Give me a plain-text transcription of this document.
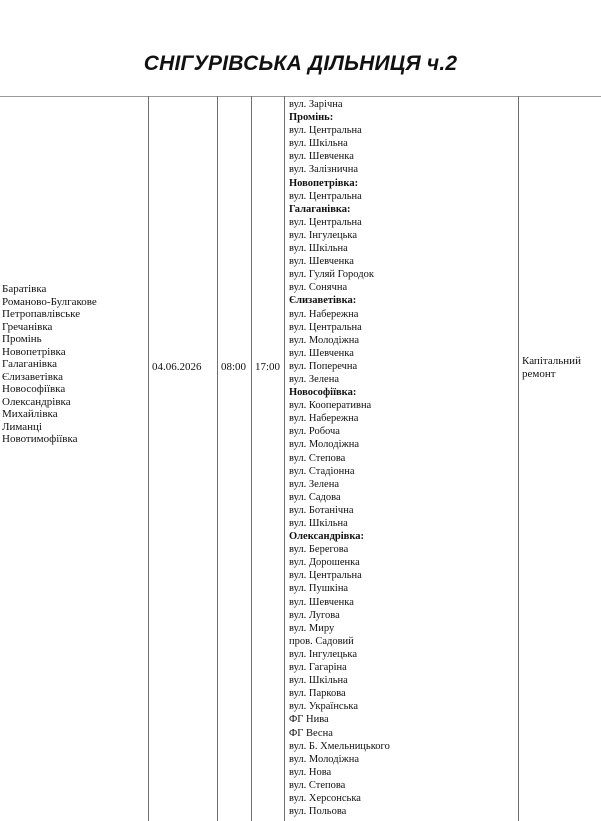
СНІГУРІВСЬКА ДІЛЬНИЦЯ ч.2
Баратівка
Романово-Булгакове
Петропавлівське
Гречанівка
Промінь
Новопетрівка
Галаганівка
Єлизаветівка
Новософіївка
Олександрівка
Михайлівка
Лиманці
Новотимофіївка
04.06.2026 08:00 17:00	Капітальний
ремонт
вул. Зарічна
Промінь:
вул. Центральна
вул. Шкільна
вул. Шевченка
вул. Залізнична
Новопетрівка:
вул. Центральна
Галаганівка:
вул. Центральна
вул. Інгулецька
вул. Шкільна
вул. Шевченка
вул. Гуляй Городок
вул. Сонячна
Єлизаветівка:
вул. Набережна
вул. Центральна
вул. Молодіжна
вул. Шевченка
вул. Поперечна
вул. Зелена
Новософіївка:
вул. Кооперативна
вул. Набережна
вул. Робоча
вул. Молодіжна
вул. Степова
вул. Стадіонна
вул. Зелена
вул. Садова
вул. Ботанічна
вул. Шкільна
Олександрівка:
вул. Берегова
вул. Дорошенка
вул. Центральна
вул. Пушкіна
вул. Шевченка
вул. Лугова
вул. Миру
пров. Садовий
вул. Інгулецька
вул. Гагаріна
вул. Шкільна
вул. Паркова
вул. Українська
ФГ Нива
ФГ Весна
вул. Б. Хмельницького
вул. Молодіжна
вул. Нова
вул. Степова
вул. Херсонська
вул. Польова
